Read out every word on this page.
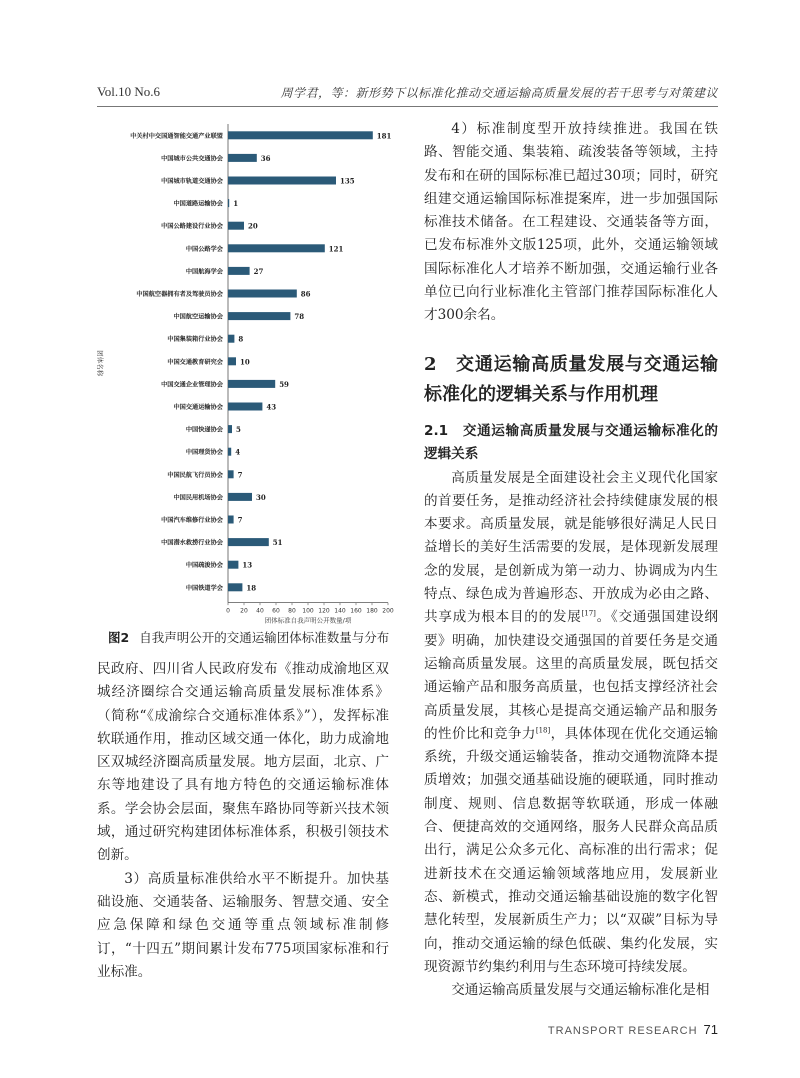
Vol.10 No.6	周学君，等：新形势下以标准化推动交通运输高质量发展的若干思考与对策建议
中关村中交国通智能交通产业联盟	181
中国城市公共交通协会	36
中国城市轨道交通协会	135
中国道路运输协会 1
中国公路建设行业协会	20
中国公路学会	121
中国航海学会	27
中国航空器拥有者及驾驶员协会	86
中国航空运输协会	78
中国集装箱行业协会 8
中国交通教育研究会 10
中国交通企业管理协会	59
中国交通运输协会	43
中国快递协会 5
中国理货协会 4
中国民航飞行员协会 7
中国民用机场协会	30
中国汽车维修行业协会 7
中国潜水救捞行业协会	51
中国疏浚协会	13
中国铁道学会	18
0 20 40 60 80 100 120 140 160 180 200
团体标准自我声明公开数量/项
团体名称
图2 自我声明公开的交通运输团体标准数量与分布

民政府、四川省人民政府发布《推动成渝地区双城经济圈综合交通运输高质量发展标准体系》（简称“《成渝综合交通标准体系》”），发挥标准软联通作用，推动区域交通一体化，助力成渝地区双城经济圈高质量发展。地方层面，北京、广东等地建设了具有地方特色的交通运输标准体系。学会协会层面，聚焦车路协同等新兴技术领域，通过研究构建团体标准体系，积极引领技术创新。

3）高质量标准供给水平不断提升。加快基础设施、交通装备、运输服务、智慧交通、安全应急保障和绿色交通等重点领域标准制修订，“十四五”期间累计发布775项国家标准和行业标准。

4）标准制度型开放持续推进。我国在铁路、智能交通、集装箱、疏浚装备等领域，主持发布和在研的国际标准已超过30项；同时，研究组建交通运输国际标准提案库，进一步加强国际标准技术储备。在工程建设、交通装备等方面，已发布标准外文版125项，此外，交通运输领域国际标准化人才培养不断加强，交通运输行业各单位已向行业标准化主管部门推荐国际标准化人才300余名。

2　交通运输高质量发展与交通运输标准化的逻辑关系与作用机理

2.1　交通运输高质量发展与交通运输标准化的逻辑关系

高质量发展是全面建设社会主义现代化国家的首要任务，是推动经济社会持续健康发展的根本要求。高质量发展，就是能够很好满足人民日益增长的美好生活需要的发展，是体现新发展理念的发展，是创新成为第一动力、协调成为内生特点、绿色成为普遍形态、开放成为必由之路、共享成为根本目的的发展[17]。《交通强国建设纲要》明确，加快建设交通强国的首要任务是交通运输高质量发展。这里的高质量发展，既包括交通运输产品和服务高质量，也包括支撑经济社会高质量发展，其核心是提高交通运输产品和服务的性价比和竞争力[18]，具体体现在优化交通运输系统，升级交通运输装备，推动交通物流降本提质增效；加强交通基础设施的硬联通，同时推动制度、规则、信息数据等软联通，形成一体融合、便捷高效的交通网络，服务人民群众高品质出行，满足公众多元化、高标准的出行需求；促进新技术在交通运输领域落地应用，发展新业态、新模式，推动交通运输基础设施的数字化智慧化转型，发展新质生产力；以“双碳”目标为导向，推动交通运输的绿色低碳、集约化发展，实现资源节约集约利用与生态环境可持续发展。

交通运输高质量发展与交通运输标准化是相

TRANSPORT RESEARCH 71
